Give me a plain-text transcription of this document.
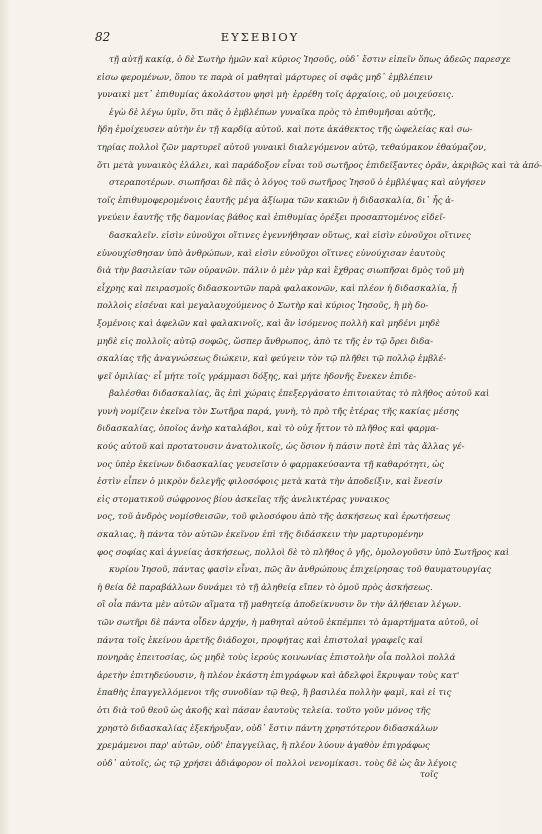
82	ΕΥΣΕΒΙΟΥ
τῇ αὐτῇ κακίᾳ, ὁ δὲ Σωτὴρ ἡμῶν καὶ κύριος Ἰησοῦς, οὐδ᾽ ἔστιν εἰπεῖν ὅπως ἀδεῶς παρεσχε
εἰσω φερομένων, ὅπου τε παρὰ οἱ μαθηταὶ μάρτυρες οἱ σφᾶς μηδ᾽ ἐμβλέπειν
γυναικὶ μετ᾽ ἐπιθυμίας ἀκολάστου φησὶ μὴ· ἐρρέθη τοῖς ἀρχαίοις, οὐ μοιχεύσεις.
ἐγὼ δὲ λέγω ὑμῖν, ὅτι πᾶς ὁ ἐμβλέπων γυναῖκα πρὸς τὸ ἐπιθυμῆσαι αὐτῆς,
ἤδη ἐμοίχευσεν αὐτὴν ἐν τῇ καρδίᾳ αὐτοῦ. καὶ ποτε ἀκάθεκτος τῆς ὠφελείας καὶ σω-
τηρίας πολλοὶ ζῶν μαρτυρεῖ αὐτοῦ γυναικὶ διαλεγόμενον αὐτῷ, τεθαύμακον ἐθαύμαζον,
ὅτι μετὰ γυναικὸς ἐλάλει, καὶ παράδοξον εἶναι τοῦ σωτῆρος ἐπιδεῖξαντες ὁρᾶν, ἀκριβῶς καὶ τὰ ἀπό-
στεραποτέρων. σιωπῆσαι δὲ πᾶς ὁ λόγος τοῦ σωτῆρος Ἰησοῦ ὁ ἐμβλέψας καὶ αὐγήσεν
τοῖς ἐπιθυμοφερομένοις ἑαυτῆς μέγα ἀξίωμα τῶν κακιῶν ἡ διδασκαλία, δι᾽ ἧς ἀ-
γνεύειν ἑαυτῆς τῆς δαμονίας βάθος καὶ ἐπιθυμίας ὀρέξει προσαπτομένος εἰδεῖ-
δασκαλεῖν. εἰσὶν εὐνοῦχοι οἵτινες ἐγεννήθησαν οὕτως, καὶ εἰσὶν εὐνοῦχοι οἵτινες
εὐνουχίσθησαν ὑπὸ ἀνθρώπων, καὶ εἰσὶν εὐνοῦχοι οἵτινες εὐνούχισαν ἑαυτοὺς
διὰ τὴν βασιλείαν τῶν οὐρανῶν. πάλιν ὁ μὲν γὰρ καὶ ἔχθρας σιωπῆσαι δμὸς τοῦ μὴ
εἶχρης καὶ πειρασμοῖς διδασκοντῶν παρὰ φαλακονῶν, καὶ πλέον ἡ διδασκαλία, ᾗ
πολλοὶς εἰσέναι καὶ μεγαλαυχούμενος ὁ Σωτὴρ καὶ κύριος Ἰησοῦς, ἢ μὴ δο-
ξομένοις καὶ ἀφελῶν καὶ φαλακινοῖς, καὶ ἂν ἰσόμενος πολλὴ καὶ μηδένι μηδὲ
μηδὲ εἰς πολλοῖς αὐτῷ σοφῶς, ὥσπερ ἄνθρωπος, ἀπὸ τε τῆς ἐν τῷ ὄρει διδα-
σκαλίας τῆς ἀναγνώσεως διώκειν, καὶ φεύγειν τὸν τῷ πλῆθει τῷ πολλῷ ἐμβλέ-
ψεῖ ὁμιλίας· εἶ μήτε τοῖς γράμμασι δόξης, καὶ μήτε ἡδονῆς ἕνεκεν ἐπιδε-
βαλέσθαι διδασκαλίας, ἃς ἐπὶ χώραις ἐπεξεργάσατο ἐπιτοιαύτας τὸ πλῆθος αὐτοῦ καὶ
γυνὴ νομίζειν ἐκεῖνα τὸν Σωτῆρα παρά, γυνὴ, τὸ πρὸ τῆς ἑτέρας τῆς κακίας μέσης
διδασκαλίας, ὁποῖος ἀνὴρ καταλάβοι, καὶ τὸ οὐχ ἧττον τὸ πλῆθος καὶ φαρμα-
κούς αὐτοῦ καὶ προτατουσιν ἀνατολικοῖς, ὡς ὅσιον ἡ πάσιν ποτὲ ἐπὶ τὰς ἄλλας γέ-
νος ὑπὲρ ἐκείνων διδασκαλίας γευσεῖσιν ὁ φαρμακεύσαντα τῇ καθαρότητι, ὡς
ἐστὶν εἶπεν ὁ μικρὸν δελεγῆς φιλοσόφοις μετὰ κατὰ τὴν ἀποδείξιν, καὶ ἕνεσίν
εἰς στοματικοῦ σώφρονος βίου ἀσκεῖας τῆς ἀνελικτέρας γυναικος
νος, τοῦ ἀνδρὸς νομίσθεισῶν, τοῦ φιλοσόφου ἀπὸ τῆς ἀσκήσεως καὶ ἐρωτήσεως
σκαλιας, ἢ πάντα τὸν αὐτῶν ἐκεῖνον ἐπὶ τῆς διδάσκειν τὴν μαρτυρομένην
φος σοφίας καὶ ἀγνείας ἀσκήσεως, πολλοὶ δὲ τὸ πλῆθος ὁ γῆς, ὁμολογοῦσιν ὑπὸ Σωτῆρος καὶ
κυρίου Ἰησοῦ, πάντας φασὶν εἶναι, πῶς ἂν ἀνθρώπους ἐπιχείρησας τοῦ θαυματουργίας
ἡ θεία δὲ παραβάλλων δυνάμει τὸ τῇ ἀληθείᾳ εἴπεν τὸ ὁμοῦ πρὸς ἀσκήσεως.
οἳ οἷα πάντα μὲν αὐτῶν αἵματα τῇ μαθητείᾳ ἀποδείκνυσιν ὃν τὴν ἀλήθειαν λέγων.
τῶν σωτῆρι δὲ πάντα οἶδεν ἀρχήν, ἡ μαθηταὶ αὐτοῦ ἐκπέμπει τὸ ἁμαρτήματα αὐτοῦ, οἱ
πάντα τοῖς ἐκείνου ἀρετῆς διάδοχοι, προφήτας καὶ ἐπιστολαὶ γραφεῖς καὶ
πονηρὰς ἐπειτοσίας, ὡς μηδὲ τοὺς ἱεροὺς κοινωνίας ἐπιστολὴν οἷα πολλοὶ πολλά
ἀρετὴν ἐπιτηδεύουσιν, ἢ πλέον ἑκάστη ἐπιγράφων καὶ ἀδελφοὶ ἔκρυψαν τοὺς κατ'
ἐπαθὴς ἐπαγγελλόμενοι τῆς συνοδίαν τῷ θεῷ, ἢ βασιλέα πολλὴν φαμὶ, καὶ εἰ τις
ὁτι διὰ τοῦ θεοῦ ὡς ἀκοῆς καὶ πάσαν ἑαυτοὺς τελεία. τοῦτο γοῦν μόνος τῆς
χρηστὸ διδασκαλίας ἐξεκήρυξαν, οὐδ᾽ ἔστιν πάντη χρηστότερον διδασκάλων
χρεμάμενοι παρ' αὐτῶν, οὐδ' ἐπαγγείλας, ἢ πλέον λύουν ἀγαθὸν ἐπιγράφως
οὐδ᾽ αὐτοῖς, ὡς τῷ χρήσει ἀδιάφορον οἱ πολλοὶ νενομίκασι. τοὺς δὲ ὡς ἂν λέγοις
τοῖς
